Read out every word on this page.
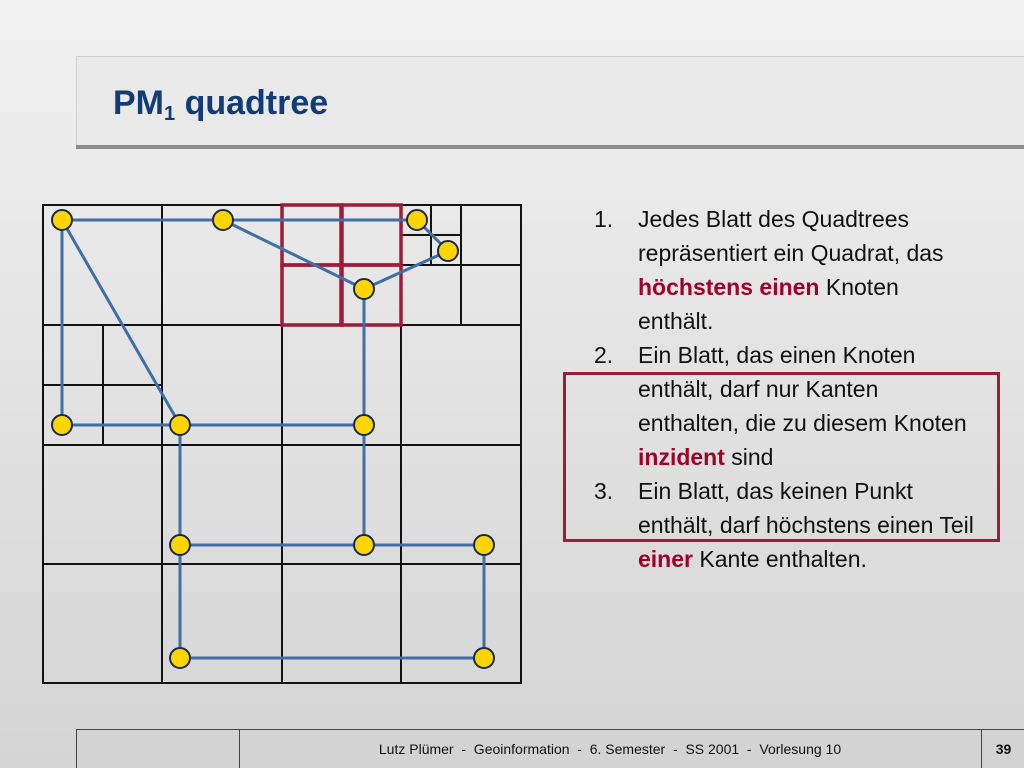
$PM_1$ quadtree
1. Jedes Blatt des Quadtrees repräsentiert ein Quadrat, das höchstens einen Knoten enthält.
2. Ein Blatt, das einen Knoten enthält, darf nur Kanten enthalten, die zu diesem Knoten inzident sind
3. Ein Blatt, das keinen Punkt enthält, darf höchstens einen Teil einer Kante enthalten.
Lutz Plümer  -  Geoinformation  -  6. Semester  -  SS 2001  -  Vorlesung 10	39
